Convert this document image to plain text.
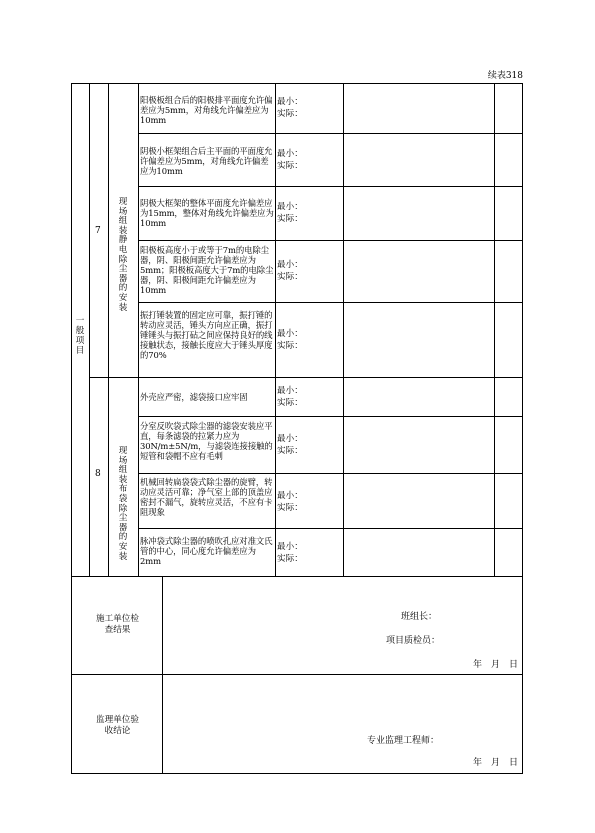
续表318
一般项目
7
现场组装静电除尘器的安装
阳极板组合后的阳极排平面度允许偏差应为5mm，对角线允许偏差应为10mm
阴极小框架组合后主平面的平面度允许偏差应为5mm，对角线允许偏差应为10mm
阴极大框架的整体平面度允许偏差应为15mm，整体对角线允许偏差应为10mm
阳极板高度小于或等于7m的电除尘器，阴、阳极间距允许偏差应为5mm；阳极板高度大于7m的电除尘器，阴、阳极间距允许偏差应为10mm
振打锤装置的固定应可靠，振打锤的转动应灵活，锤头方向应正确，振打锤锤头与振打砧之间应保持良好的线接触状态，接触长度应大于锤头厚度的70%
8
现场组装布袋除尘器的安装
外壳应严密，滤袋接口应牢固
分室反吹袋式除尘器的滤袋安装应平直，每条滤袋的拉紧力应为30N/m±5N/m，与滤袋连接接触的短管和袋帽不应有毛刺
机械回转扁袋袋式除尘器的旋臂，转动应灵活可靠；净气室上部的顶盖应密封不漏气，旋转应灵活，不应有卡阻现象
脉冲袋式除尘器的喷吹孔应对准文氏管的中心，同心度允许偏差应为2mm
最小：
实际：
最小：
实际：
最小：
实际：
最小：
实际：
最小：
实际：
最小：
实际：
最小：
实际：
最小：
实际：
最小：
实际：
施工单位检查结果
班组长：
项目质检员：
年　月　日
监理单位验收结论
专业监理工程师：
年　月　日
